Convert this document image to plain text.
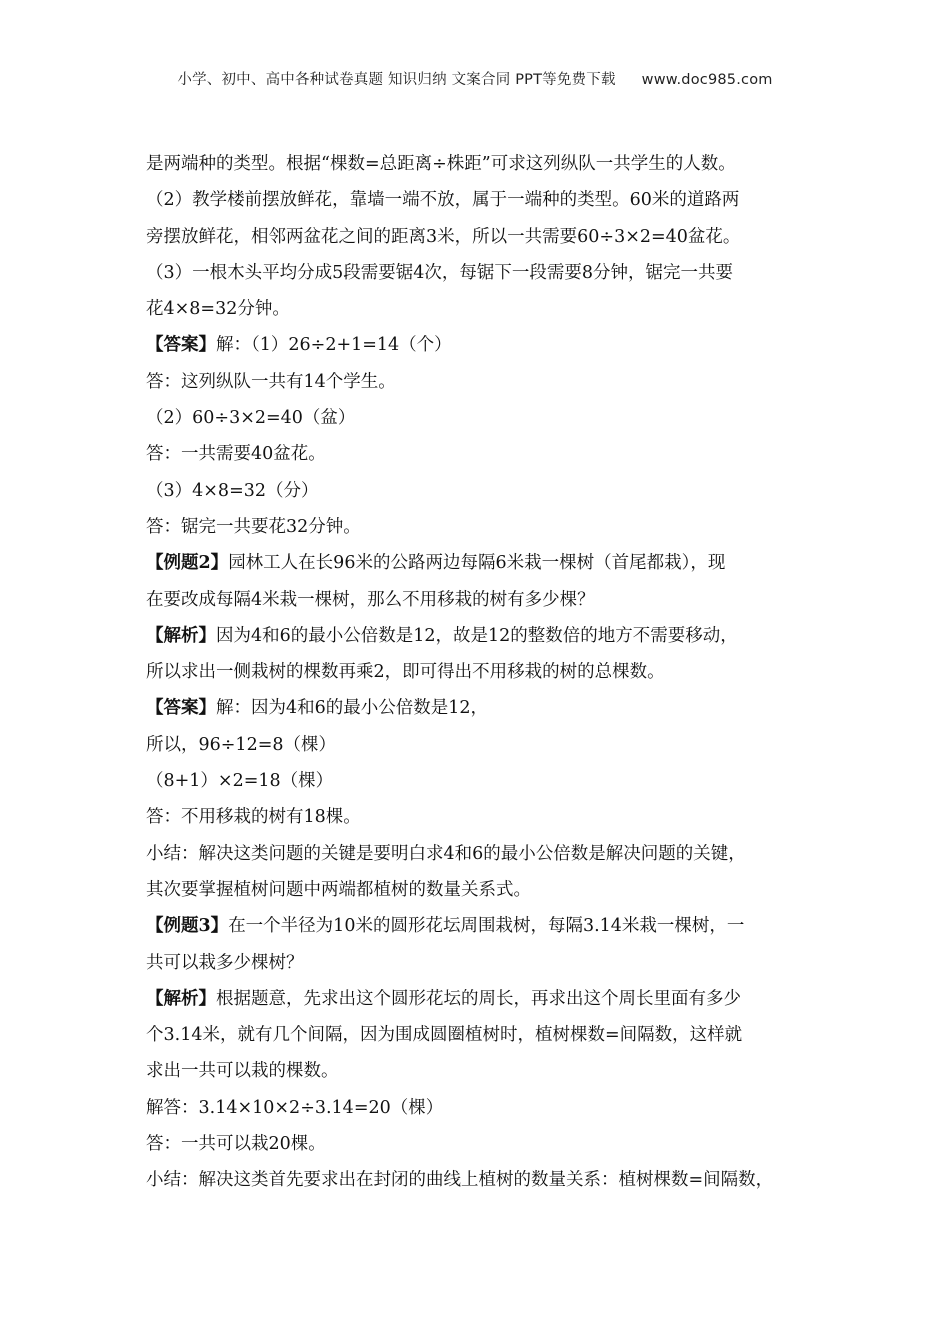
小学、初中、高中各种试卷真题 知识归纳 文案合同 PPT等免费下载 www.doc985.com
是两端种的类型。根据“棵数=总距离÷株距”可求这列纵队一共学生的人数。
（2）教学楼前摆放鲜花，靠墙一端不放，属于一端种的类型。60米的道路两
旁摆放鲜花，相邻两盆花之间的距离3米，所以一共需要60÷3×2=40盆花。
（3）一根木头平均分成5段需要锯4次，每锯下一段需要8分钟，锯完一共要
花4×8=32分钟。
【答案】解：（1）26÷2+1=14（个）
答：这列纵队一共有14个学生。
（2）60÷3×2=40（盆）
答：一共需要40盆花。
（3）4×8=32（分）
答：锯完一共要花32分钟。
【例题2】园林工人在长96米的公路两边每隔6米栽一棵树（首尾都栽），现
在要改成每隔4米栽一棵树，那么不用移栽的树有多少棵？
【解析】因为4和6的最小公倍数是12，故是12的整数倍的地方不需要移动，
所以求出一侧栽树的棵数再乘2，即可得出不用移栽的树的总棵数。
【答案】解：因为4和6的最小公倍数是12，
所以，96÷12=8（棵）
（8+1）×2=18（棵）
答：不用移栽的树有18棵。
小结：解决这类问题的关键是要明白求4和6的最小公倍数是解决问题的关键，
其次要掌握植树问题中两端都植树的数量关系式。
【例题3】在一个半径为10米的圆形花坛周围栽树，每隔3.14米栽一棵树，一
共可以栽多少棵树？
【解析】根据题意，先求出这个圆形花坛的周长，再求出这个周长里面有多少
个3.14米，就有几个间隔，因为围成圆圈植树时，植树棵数=间隔数，这样就
求出一共可以栽的棵数。
解答：3.14×10×2÷3.14=20（棵）
答：一共可以栽20棵。
小结：解决这类首先要求出在封闭的曲线上植树的数量关系：植树棵数=间隔数，
